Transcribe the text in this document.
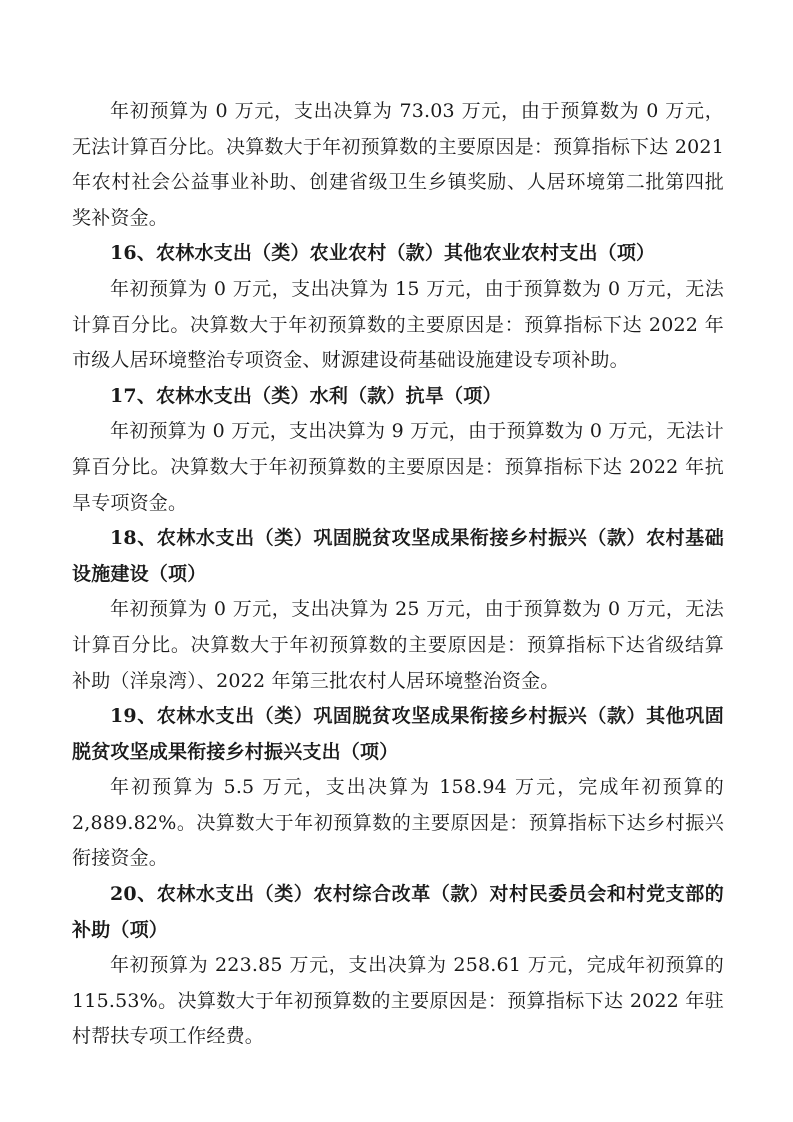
年初预算为 0 万元，支出决算为 73.03 万元，由于预算数为 0 万元，无法计算百分比。决算数大于年初预算数的主要原因是：预算指标下达 2021 年农村社会公益事业补助、创建省级卫生乡镇奖励、人居环境第二批第四批奖补资金。

16、农林水支出（类）农业农村（款）其他农业农村支出（项）

年初预算为 0 万元，支出决算为 15 万元，由于预算数为 0 万元，无法计算百分比。决算数大于年初预算数的主要原因是：预算指标下达 2022 年市级人居环境整治专项资金、财源建设荷基础设施建设专项补助。

17、农林水支出（类）水利（款）抗旱（项）

年初预算为 0 万元，支出决算为 9 万元，由于预算数为 0 万元，无法计算百分比。决算数大于年初预算数的主要原因是：预算指标下达 2022 年抗旱专项资金。

18、农林水支出（类）巩固脱贫攻坚成果衔接乡村振兴（款）农村基础设施建设（项）

年初预算为 0 万元，支出决算为 25 万元，由于预算数为 0 万元，无法计算百分比。决算数大于年初预算数的主要原因是：预算指标下达省级结算补助（洋泉湾）、2022 年第三批农村人居环境整治资金。

19、农林水支出（类）巩固脱贫攻坚成果衔接乡村振兴（款）其他巩固脱贫攻坚成果衔接乡村振兴支出（项）

年初预算为 5.5 万元，支出决算为 158.94 万元，完成年初预算的 2,889.82%。决算数大于年初预算数的主要原因是：预算指标下达乡村振兴衔接资金。

20、农林水支出（类）农村综合改革（款）对村民委员会和村党支部的补助（项）

年初预算为 223.85 万元，支出决算为 258.61 万元，完成年初预算的 115.53%。决算数大于年初预算数的主要原因是：预算指标下达 2022 年驻村帮扶专项工作经费。
